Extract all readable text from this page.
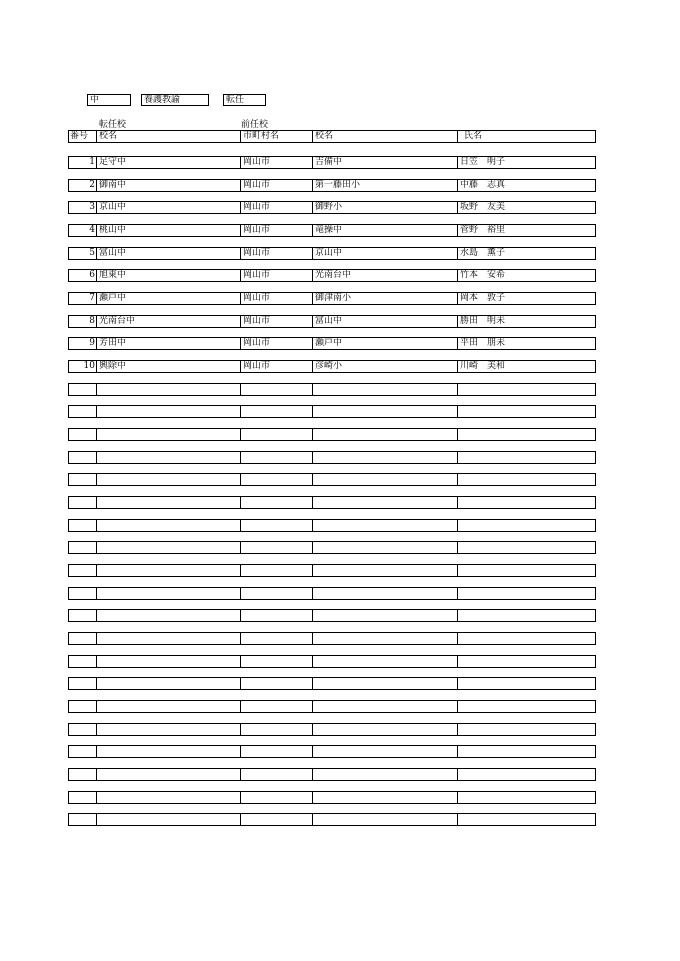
中	養護教諭	転任
転任校	前任校
番号	校名	市町村名	校名	氏名
1 足守中	岡山市	吉備中	日笠　明子
2 御南中	岡山市	第一藤田小	中藤　志真
3 京山中	岡山市	御野小	坂野　友美
4 桃山中	岡山市	竜操中	菅野　裕里
5 富山中	岡山市	京山中	水島　薫子
6 旭東中	岡山市	光南台中	竹本　安希
7 瀬戸中	岡山市	御津南小	岡本　敦子
8 光南台中	岡山市	富山中	勝田　明未
9 芳田中	岡山市	瀬戸中	平田　朋未
10 興除中	岡山市	彦崎小	川崎　美和
